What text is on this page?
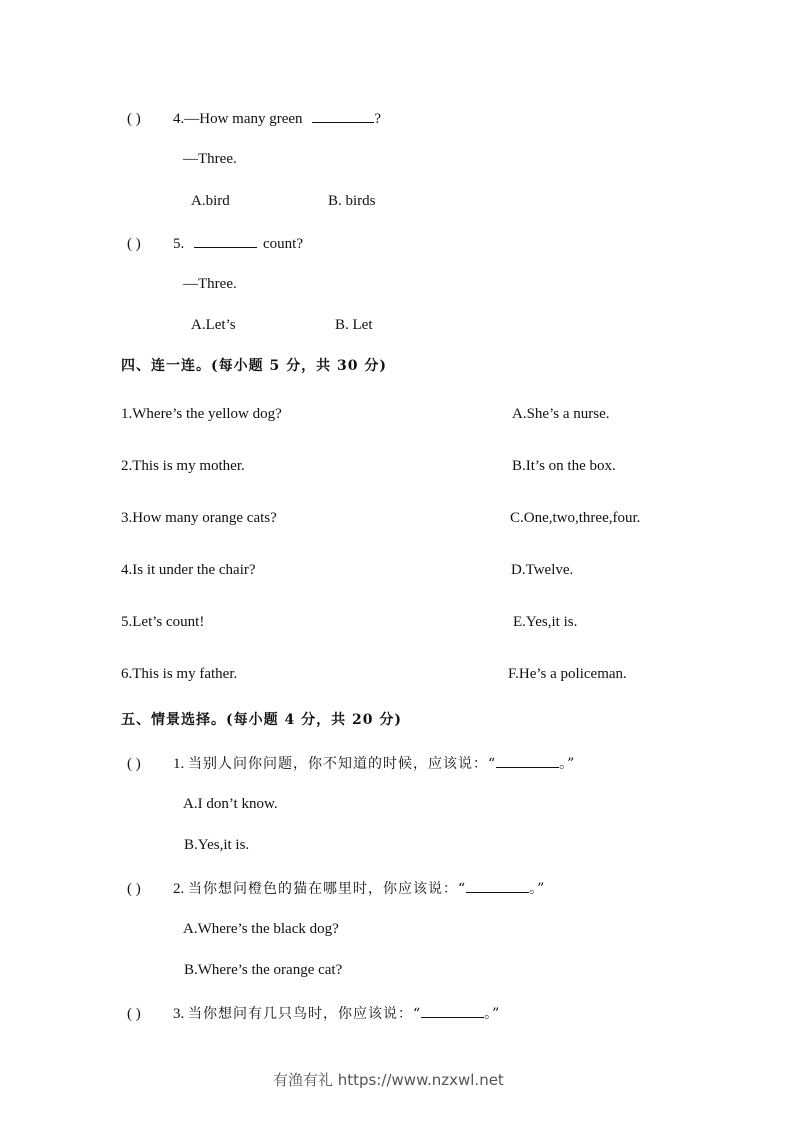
( ) 4.—How many green	?
—Three.
A.bird	B. birds
( ) 5.	count?
—Three.
A.Let’s	B. Let
四、连一连。(每小题 5 分，共 30 分)
1.Where’s the yellow dog?	A.She’s a nurse.
2.This is my mother.	B.It’s on the box.
3.How many orange cats?	C.One,two,three,four.
4.Is it under the chair?	D.Twelve.
5.Let’s count!	E.Yes,it is.
6.This is my father.	F.He’s a policeman.
五、情景选择。(每小题 4 分，共 20 分)
( ) 1. 当别人问你问题，你不知道的时候，应该说：“	。”
A.I don’t know.
B.Yes,it is.
( ) 2. 当你想问橙色的猫在哪里时，你应该说：“	。”
A.Where’s the black dog?
B.Where’s the orange cat?
( ) 3. 当你想问有几只鸟时，你应该说：“	。”
有渔有礼 https://www.nzxwl.net
